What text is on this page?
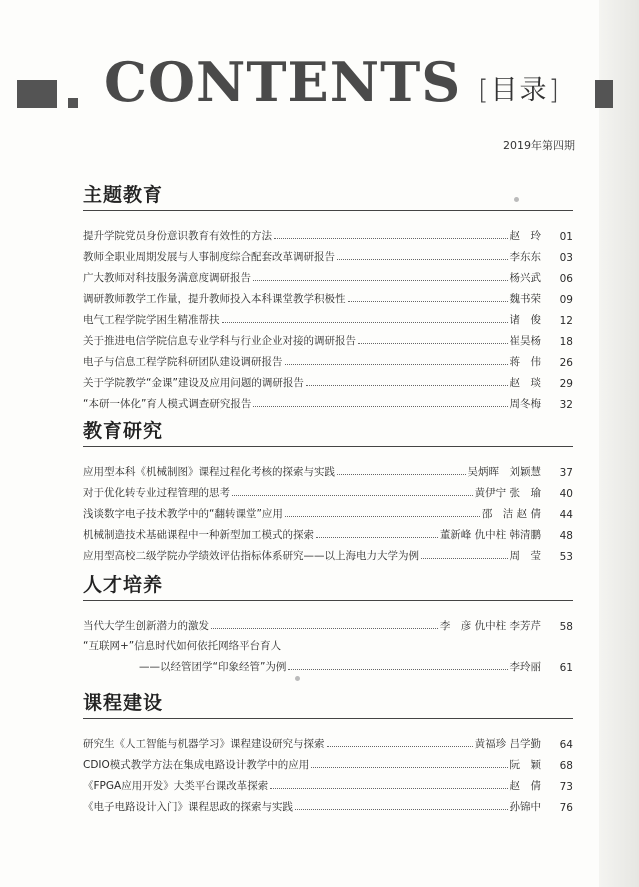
CONTENTS [目录]
2019年第四期
主题教育
提升学院党员身份意识教育有效性的方法	赵　玲	01
教师全职业周期发展与人事制度综合配套改革调研报告	李东东	03
广大教师对科技服务满意度调研报告	杨兴武	06
调研教师教学工作量，提升教师投入本科课堂教学积极性	魏书荣	09
电气工程学院学困生精准帮扶	诸　俊	12
关于推进电信学院信息专业学科与行业企业对接的调研报告	崔昊杨	18
电子与信息工程学院科研团队建设调研报告	蒋　伟	26
关于学院教学“金课”建设及应用问题的调研报告	赵　琰	29
“本研一体化”育人模式调查研究报告	周冬梅	32
教育研究
应用型本科《机械制图》课程过程化考核的探索与实践	吴炳晖　刘颖慧	37
对于优化转专业过程管理的思考	黄伊宁 张　瑜	40
浅谈数字电子技术教学中的“翻转课堂”应用	邵　洁 赵 倩	44
机械制造技术基础课程中一种新型加工模式的探索	董新峰 仇中柱 韩清鹏	48
应用型高校二级学院办学绩效评估指标体系研究——以上海电力大学为例	周　莹	53
人才培养
当代大学生创新潜力的激发	李　彦 仇中柱 李芳芹	58
“互联网+”信息时代如何依托网络平台育人
——以经管团学“印象经管”为例	李玲丽	61
课程建设
研究生《人工智能与机器学习》课程建设研究与探索	黄福珍 吕学勤	64
CDIO模式教学方法在集成电路设计教学中的应用	阮　颖	68
《FPGA应用开发》大类平台课改革探索	赵　倩	73
《电子电路设计入门》课程思政的探索与实践	孙锦中	76
